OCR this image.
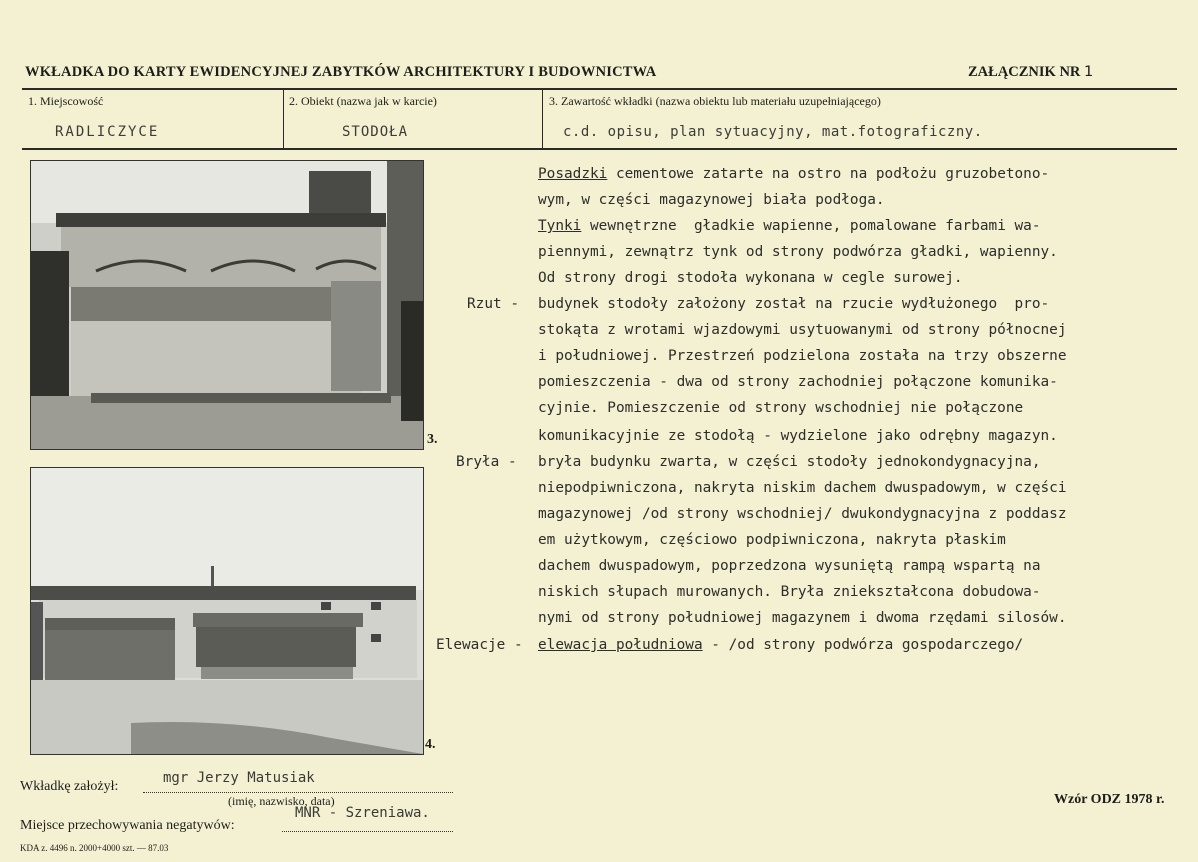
WKŁADKA DO KARTY EWIDENCYJNEJ ZABYTKÓW ARCHITEKTURY I BUDOWNICTWA	ZAŁĄCZNIK NR 1
1. Miejscowość	2. Obiekt (nazwa jak w karcie)	3. Zawartość wkładki (nazwa obiektu lub materiału uzupełniającego)
RADLICZYCE	STODOŁA	c.d. opisu, plan sytuacyjny, mat.fotograficzny.
3.
4.
Posadzki cementowe zatarte na ostro na podłożu gruzobetono-
wym, w części magazynowej biała podłoga.
Tynki wewnętrzne  gładkie wapienne, pomalowane farbami wa-
piennymi, zewnątrz tynk od strony podwórza gładki, wapienny.
Od strony drogi stodoła wykonana w cegle surowej.
Rzut - budynek stodoły założony został na rzucie wydłużonego  pro-
stokąta z wrotami wjazdowymi usytuowanymi od strony północnej
i południowej. Przestrzeń podzielona została na trzy obszerne
pomieszczenia - dwa od strony zachodniej połączone komunika-
cyjnie. Pomieszczenie od strony wschodniej nie połączone
komunikacyjnie ze stodołą - wydzielone jako odrębny magazyn.
Bryła - bryła budynku zwarta, w części stodoły jednokondygnacyjna,
niepodpiwniczona, nakryta niskim dachem dwuspadowym, w części
magazynowej /od strony wschodniej/ dwukondygnacyjna z poddasz
em użytkowym, częściowo podpiwniczona, nakryta płaskim
dachem dwuspadowym, poprzedzona wysuniętą rampą wspartą na
niskich słupach murowanych. Bryła zniekształcona dobudowa-
nymi od strony południowej magazynem i dwoma rzędami silosów.
Elewacje - elewacja południowa - /od strony podwórza gospodarczego/
Wkładkę założył:
mgr Jerzy Matusiak
(imię, nazwisko, data)
Miejsce przechowywania negatywów:
MNR - Szreniawa.
Wzór ODZ 1978 r.
KDA z. 4496 n. 2000+4000 szt. — 87.03
